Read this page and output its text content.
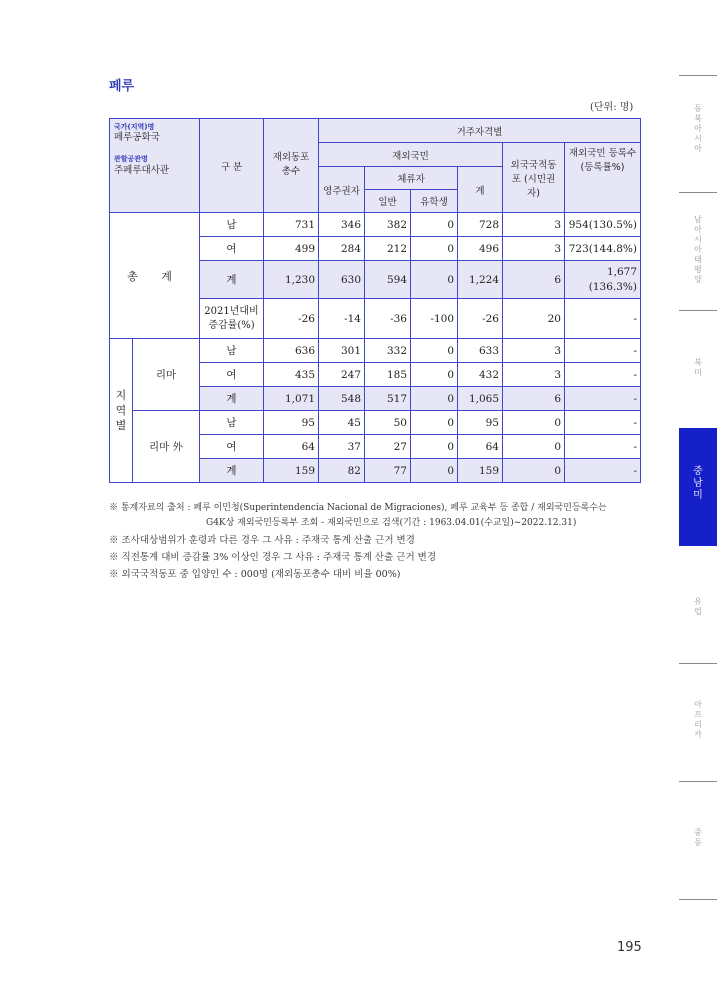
페루
(단위: 명)
국가(지역)명
페루공화국
관할공관명
주페루대사관		구 분	재외동포 총수	거주자격별					
				재외국민				외국국적동포 (시민권자)	재외국민 등록수 (등록률%)
				영주권자	체류자		계		
					일반	유학생			
총 계		남	731	346	382	0	728	3	954(130.5%)
		여	499	284	212	0	496	3	723(144.8%)
		계	1,230	630	594	0	1,224	6	1,677 (136.3%)
		2021년대비 증감률(%)	-26	-14	-36	-100	-26	20	-
지역별	리마	남	636	301	332	0	633	3	-
		여	435	247	185	0	432	3	-
		계	1,071	548	517	0	1,065	6	-
	리마 外	남	95	45	50	0	95	0	-
		여	64	37	27	0	64	0	-
		계	159	82	77	0	159	0	-
※ 통계자료의 출처 : 페루 이민청(Superintendencia Nacional de Migraciones), 페루 교육부 등 종합 / 재외국민등록수는
G4K상 재외국민등록부 조회 - 재외국민으로 검색(기간 : 1963.04.01(수교일)~2022.12.31)
※ 조사대상범위가 훈령과 다른 경우 그 사유 : 주재국 통계 산출 근거 변경
※ 직전통계 대비 증감률 3% 이상인 경우 그 사유 : 주재국 통계 산출 근거 변경
※ 외국국적동포 중 입양인 수 : 000명 (재외동포총수 대비 비율 00%)
동북아시아
남아시아태평양
북미
중남미
유럽
아프리카
중동
195
